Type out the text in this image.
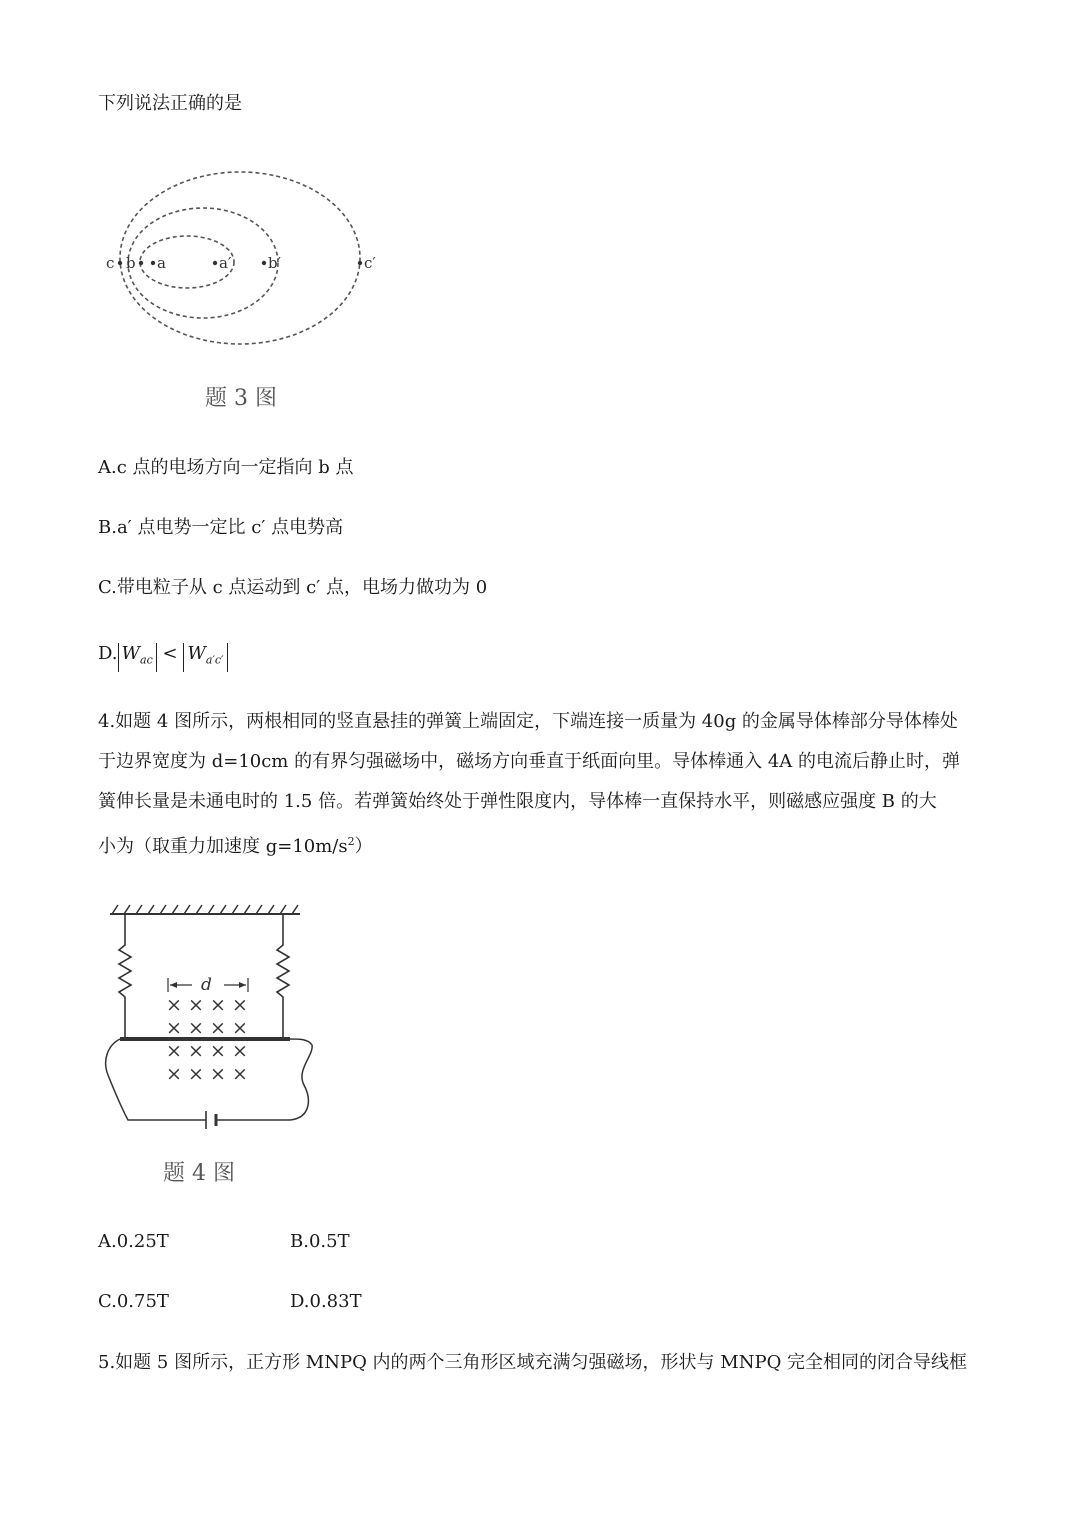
下列说法正确的是
c b a	a′ b′	c′
题 3 图
A.c 点的电场方向一定指向 b 点
B.a′ 点电势一定比 c′ 点电势高
C.带电粒子从 c 点运动到 c′ 点，电场力做功为 0
D. $W_{ac} < W_{a'c'}$

4.如题 4 图所示，两根相同的竖直悬挂的弹簧上端固定，下端连接一质量为 40g 的金属导体棒部分导体棒处

于边界宽度为 d=10cm 的有界匀强磁场中，磁场方向垂直于纸面向里。导体棒通入 4A 的电流后静止时，弹

簧伸长量是未通电时的 1.5 倍。若弹簧始终处于弹性限度内，导体棒一直保持水平，则磁感应强度 B 的大

小为（取重力加速度 $g=10m/s^2$）

d
× × × ×
× × × ×
× × × ×
× × × ×
题 4 图
A.0.25T	B.0.5T
C.0.75T	D.0.83T
5.如题 5 图所示，正方形 MNPQ 内的两个三角形区域充满匀强磁场，形状与 MNPQ 完全相同的闭合导线框
